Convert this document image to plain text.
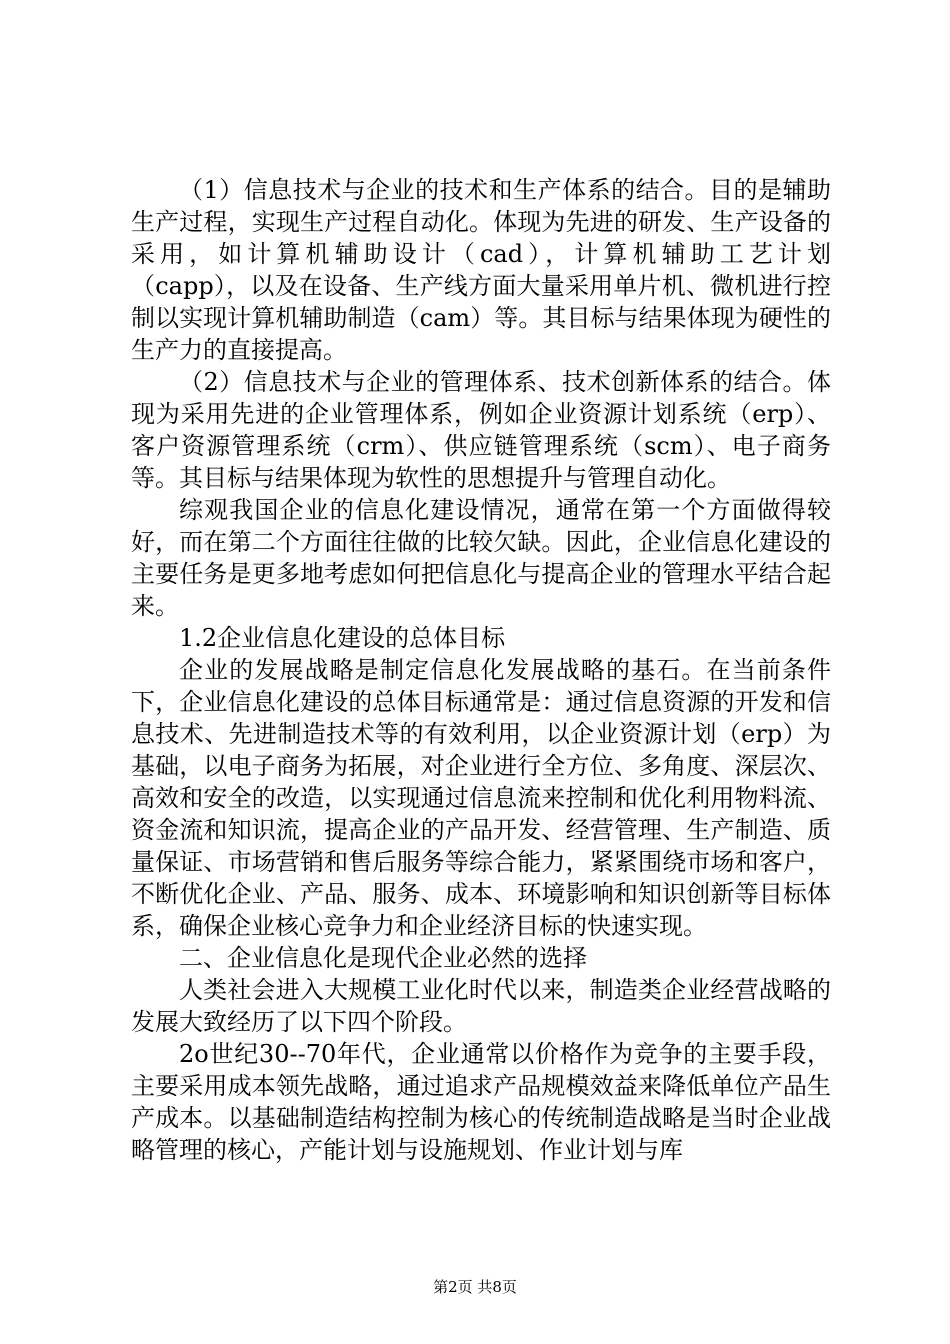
（1）信息技术与企业的技术和生产体系的结合。目的是辅助生产过程，实现生产过程自动化。体现为先进的研发、生产设备的采用，如计算机辅助设计（cad），计算机辅助工艺计划（capp），以及在设备、生产线方面大量采用单片机、微机进行控制以实现计算机辅助制造（cam）等。其目标与结果体现为硬性的生产力的直接提高。

（2）信息技术与企业的管理体系、技术创新体系的结合。体现为采用先进的企业管理体系，例如企业资源计划系统（erp）、客户资源管理系统（crm）、供应链管理系统（scm）、电子商务等。其目标与结果体现为软性的思想提升与管理自动化。

综观我国企业的信息化建设情况，通常在第一个方面做得较好，而在第二个方面往往做的比较欠缺。因此，企业信息化建设的主要任务是更多地考虑如何把信息化与提高企业的管理水平结合起来。

1.2企业信息化建设的总体目标

企业的发展战略是制定信息化发展战略的基石。在当前条件下，企业信息化建设的总体目标通常是：通过信息资源的开发和信息技术、先进制造技术等的有效利用，以企业资源计划（erp）为基础，以电子商务为拓展，对企业进行全方位、多角度、深层次、高效和安全的改造，以实现通过信息流来控制和优化利用物料流、资金流和知识流，提高企业的产品开发、经营管理、生产制造、质量保证、市场营销和售后服务等综合能力，紧紧围绕市场和客户，不断优化企业、产品、服务、成本、环境影响和知识创新等目标体系，确保企业核心竞争力和企业经济目标的快速实现。

二、企业信息化是现代企业必然的选择

人类社会进入大规模工业化时代以来，制造类企业经营战略的发展大致经历了以下四个阶段。

2o世纪30--70年代，企业通常以价格作为竞争的主要手段，主要采用成本领先战略，通过追求产品规模效益来降低单位产品生产成本。以基础制造结构控制为核心的传统制造战略是当时企业战略管理的核心，产能计划与设施规划、作业计划与库

第2页 共8页
